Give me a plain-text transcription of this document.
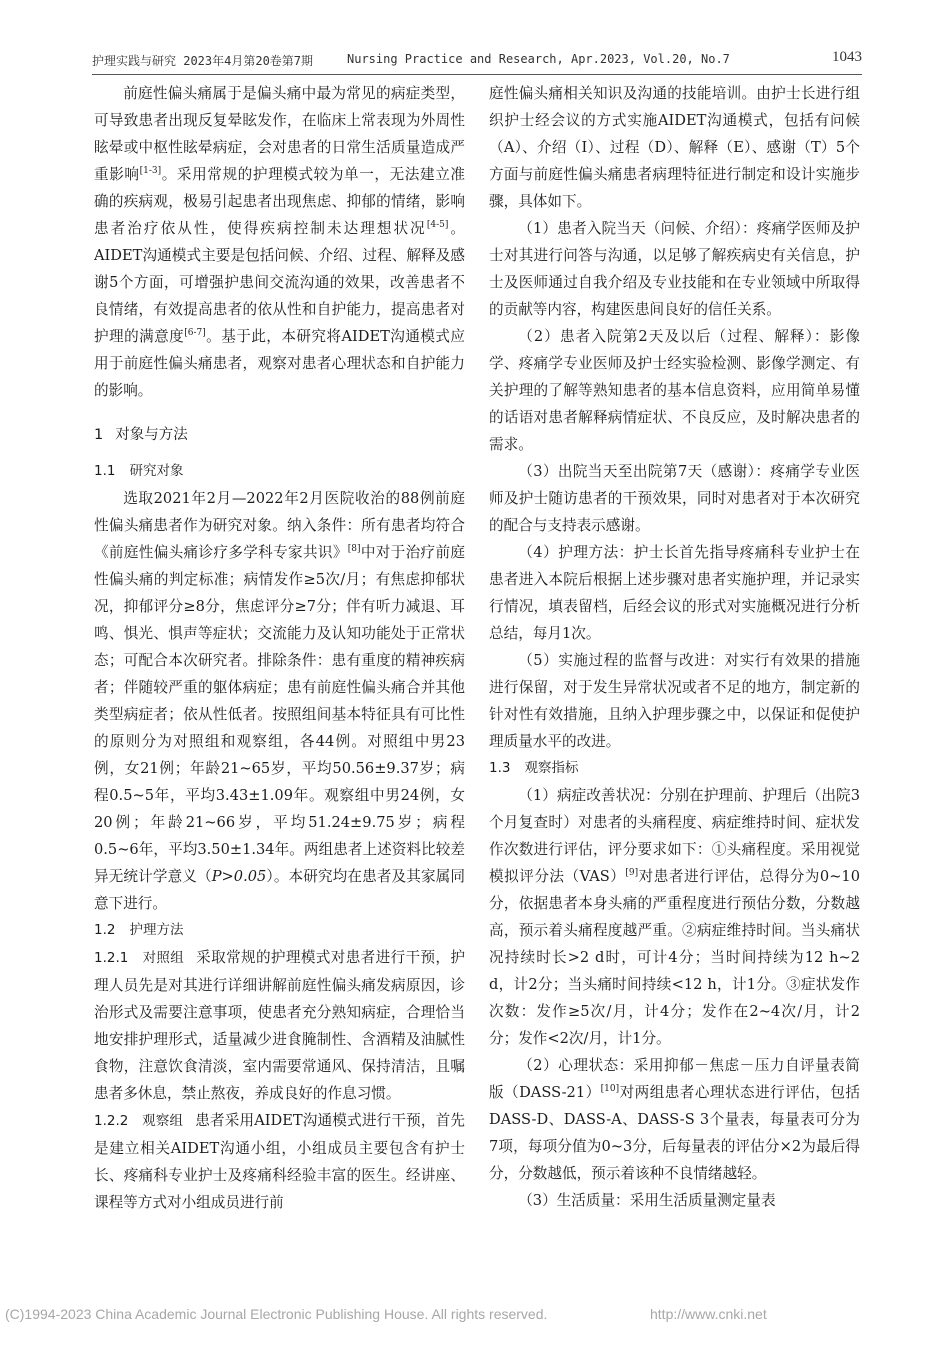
护理实践与研究 2023年4月第20卷第7期	Nursing Practice and Research, Apr.2023, Vol.20, No.7	1043

前庭性偏头痛属于是偏头痛中最为常见的病症类型，可导致患者出现反复晕眩发作，在临床上常表现为外周性眩晕或中枢性眩晕病症，会对患者的日常生活质量造成严重影响[1-3]。采用常规的护理模式较为单一，无法建立准确的疾病观，极易引起患者出现焦虑、抑郁的情绪，影响患者治疗依从性，使得疾病控制未达理想状况[4-5]。AIDET沟通模式主要是包括问候、介绍、过程、解释及感谢5个方面，可增强护患间交流沟通的效果，改善患者不良情绪，有效提高患者的依从性和自护能力，提高患者对护理的满意度[6-7]。基于此，本研究将AIDET沟通模式应用于前庭性偏头痛患者，观察对患者心理状态和自护能力的影响。

1 对象与方法
1.1 研究对象

选取2021年2月—2022年2月医院收治的88例前庭性偏头痛患者作为研究对象。纳入条件：所有患者均符合《前庭性偏头痛诊疗多学科专家共识》[8]中对于治疗前庭性偏头痛的判定标准；病情发作≥5次/月；有焦虑抑郁状况，抑郁评分≥8分，焦虑评分≥7分；伴有听力减退、耳鸣、惧光、惧声等症状；交流能力及认知功能处于正常状态；可配合本次研究者。排除条件：患有重度的精神疾病者；伴随较严重的躯体病症；患有前庭性偏头痛合并其他类型病症者；依从性低者。按照组间基本特征具有可比性的原则分为对照组和观察组，各44例。对照组中男23例，女21例；年龄21~65岁，平均50.56±9.37岁；病程0.5~5年，平均3.43±1.09年。观察组中男24例，女20例；年龄21~66岁，平均51.24±9.75岁；病程0.5~6年，平均3.50±1.34年。两组患者上述资料比较差异无统计学意义（P>0.05）。本研究均在患者及其家属同意下进行。

1.2 护理方法

1.2.1　对照组 采取常规的护理模式对患者进行干预，护理人员先是对其进行详细讲解前庭性偏头痛发病原因，诊治形式及需要注意事项，使患者充分熟知病症，合理恰当地安排护理形式，适量减少进食腌制性、含酒精及油腻性食物，注意饮食清淡，室内需要常通风、保持清洁，且嘱患者多休息，禁止熬夜，养成良好的作息习惯。

1.2.2　观察组 患者采用AIDET沟通模式进行干预，首先是建立相关AIDET沟通小组，小组成员主要包含有护士长、疼痛科专业护士及疼痛科经验丰富的医生。经讲座、课程等方式对小组成员进行前

庭性偏头痛相关知识及沟通的技能培训。由护士长进行组织护士经会议的方式实施AIDET沟通模式，包括有问候（A）、介绍（I）、过程（D）、解释（E）、感谢（T）5个方面与前庭性偏头痛患者病理特征进行制定和设计实施步骤，具体如下。

（1）患者入院当天（问候、介绍）：疼痛学医师及护士对其进行问答与沟通，以足够了解疾病史有关信息，护士及医师通过自我介绍及专业技能和在专业领域中所取得的贡献等内容，构建医患间良好的信任关系。

（2）患者入院第2天及以后（过程、解释）：影像学、疼痛学专业医师及护士经实验检测、影像学测定、有关护理的了解等熟知患者的基本信息资料，应用简单易懂的话语对患者解释病情症状、不良反应，及时解决患者的需求。

（3）出院当天至出院第7天（感谢）：疼痛学专业医师及护士随访患者的干预效果，同时对患者对于本次研究的配合与支持表示感谢。

（4）护理方法：护士长首先指导疼痛科专业护士在患者进入本院后根据上述步骤对患者实施护理，并记录实行情况，填表留档，后经会议的形式对实施概况进行分析总结，每月1次。

（5）实施过程的监督与改进：对实行有效果的措施进行保留，对于发生异常状况或者不足的地方，制定新的针对性有效措施，且纳入护理步骤之中，以保证和促使护理质量水平的改进。

1.3 观察指标

（1）病症改善状况：分别在护理前、护理后（出院3个月复查时）对患者的头痛程度、病症维持时间、症状发作次数进行评估，评分要求如下：①头痛程度。采用视觉模拟评分法（VAS）[9]对患者进行评估，总得分为0~10分，依据患者本身头痛的严重程度进行预估分数，分数越高，预示着头痛程度越严重。②病症维持时间。当头痛状况持续时长>2 d时，可计4分；当时间持续为12 h~2 d，计2分；当头痛时间持续<12 h，计1分。③症状发作次数：发作≥5次/月，计4分；发作在2~4次/月，计2分；发作<2次/月，计1分。

（2）心理状态：采用抑郁－焦虑－压力自评量表简版（DASS-21）[10]对两组患者心理状态进行评估，包括DASS-D、DASS-A、DASS-S 3个量表，每量表可分为7项，每项分值为0~3分，后每量表的评估分×2为最后得分，分数越低，预示着该种不良情绪越轻。

（3）生活质量：采用生活质量测定量表

(C)1994-2023 China Academic Journal Electronic Publishing House. All rights reserved.	http://www.cnki.net
